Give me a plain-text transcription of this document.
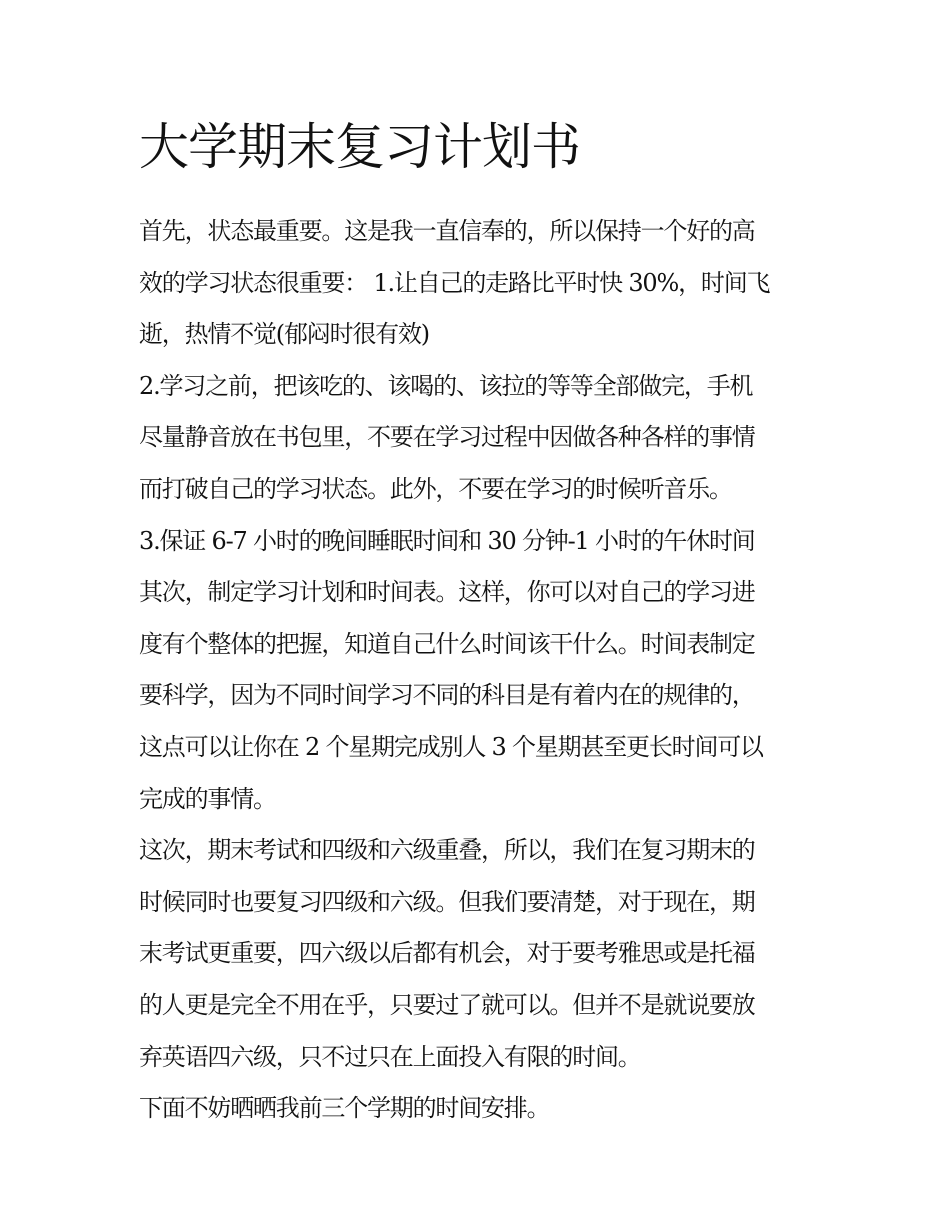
大学期末复习计划书
首先，状态最重要。这是我一直信奉的，所以保持一个好的高
效的学习状态很重要： 1.让自己的走路比平时快 30%，时间飞
逝，热情不觉(郁闷时很有效)
2.学习之前，把该吃的、该喝的、该拉的等等全部做完，手机
尽量静音放在书包里，不要在学习过程中因做各种各样的事情
而打破自己的学习状态。此外，不要在学习的时候听音乐。
3.保证 6-7 小时的晚间睡眠时间和 30 分钟-1 小时的午休时间
其次，制定学习计划和时间表。这样，你可以对自己的学习进
度有个整体的把握，知道自己什么时间该干什么。时间表制定
要科学，因为不同时间学习不同的科目是有着内在的规律的，
这点可以让你在 2 个星期完成别人 3 个星期甚至更长时间可以
完成的事情。
这次，期末考试和四级和六级重叠，所以，我们在复习期末的
时候同时也要复习四级和六级。但我们要清楚，对于现在，期
末考试更重要，四六级以后都有机会，对于要考雅思或是托福
的人更是完全不用在乎，只要过了就可以。但并不是就说要放
弃英语四六级，只不过只在上面投入有限的时间。
下面不妨晒晒我前三个学期的时间安排。
